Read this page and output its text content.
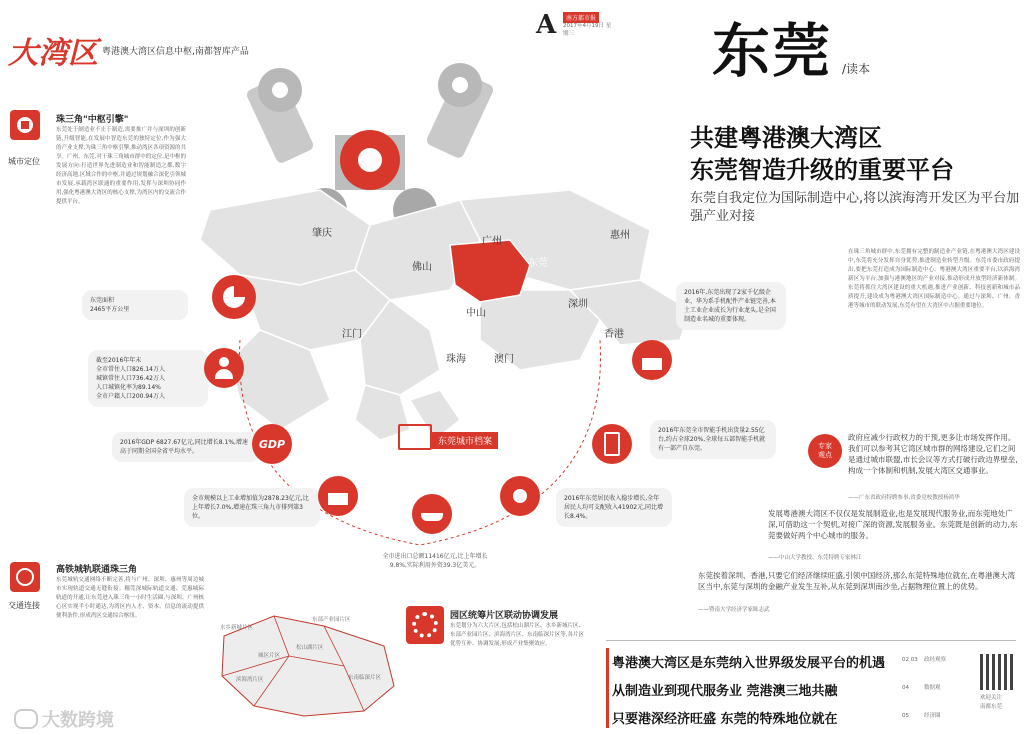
大湾区 粤港澳大湾区信息中枢,南都智库产品
A	南方都市报
2017年4月19日 星期三	东莞 /读本
城市定位
珠三角"中枢引擎"
东莞处于制造业不止于制造,需要推广并与深圳的创新链,升级智能,在发展中智造东莞的独特定位,作为强大的产业支撑,为珠三角中枢引擎,推动湾区各项资源的共享。广州、东莞,对于珠三角城市群中的定位,是中枢的发展方向:打造世界先进制造业和智能制造之都,数字经济高地,区域合作的中枢,并通过规划融合深化引领城市发展,承载湾区联通的重要作用,发挥与深圳协同作用,强化粤港澳大湾区的核心支撑,为湾区内的交流合作提供平台。
肇庆
广州
惠州
佛山	东莞
深圳
江门
中山
香港
珠海	澳门
东莞城市档案
东莞面积
2465平方公里
截至2016年年末
全市常住人口826.14万人
城镇常住人口736.42万人
人口城镇化率为89.14%
全市户籍人口200.94万人
2016年GDP 6827.67亿元,同比增长8.1%,增速高于同期全国全省平均水平。
GDP
全市规模以上工业增加值为2878.23亿元,比上年增长7.0%,增速在珠三角九市排列第3位。
全市进出口总额11416亿元,比上年增长9.8%,实际利用外资39.3亿美元。
2016年东莞居民收入稳步增长,全年居民人均可支配收入41902元,同比增长8.4%。
2016年东莞全市智能手机出货量2.55亿台,约占全球20%,全球每五部智能手机就有一部产自东莞。
2016年,东莞出现了2家千亿级企业、华为系手机配件产业链完善,本土工业企业成长为行业龙头,是全国制造业名城的重要体现。
共建粤港澳大湾区
东莞智造升级的重要平台
东莞自我定位为国际制造中心,将以滨海湾开发区为平台加强产业对接
在珠三角城市群中,东莞拥有完整的制造业产业链,在粤港澳大湾区建设中,东莞将充分发挥自身优势,推进制造业转型升级。东莞市委市政府提出,要把东莞打造成为国际制造中心、粤港澳大湾区重要平台,以滨海湾新区为平台,加强与港澳地区的产业对接,推动形成开放型经济新体制。东莞将抓住大湾区建设的重大机遇,推进产业创新、科技创新和城市品质提升,建设成为粤港澳大湾区国际制造中心。通过与深圳、广州、香港等城市的联动发展,东莞有望在大湾区中占据重要地位。
专家观点
政府应减少行政权力的干预,更多让市场发挥作用。我们可以参考其它湾区城市群的网络建设,它们之间是通过城市联盟,市长会议等方式打破行政边界壁垒,构成一个体制和机制,发展大湾区交通事业。
——广东省政府特聘参事,省委党校教授杨鸿华
发展粤港澳大湾区不仅仅是发展制造业,也是发展现代服务业,而东莞地处广深,可借助这一个契机,对接广深的资源,发展服务业。东莞既是创新的动力,东莞要做好两个中心城市的服务。
——中山大学教授、东莞特聘专家林江
东莞挨着深圳、香港,只要它们经济继续旺盛,引领中国经济,那么东莞特殊地位就在,在粤港澳大湾区当中,东莞与深圳的金融产业发生互补,从东莞到深圳南沙坐,占据物理位置上的优势。
——暨南大学经济学家陈志武
粤港澳大湾区是东莞纳入世界级发展平台的机遇	02 03 政经观察
从制造业到现代服务业 莞港澳三地共融	04	数据观
只要港深经济旺盛 东莞的特殊地位就在	05	经济圈
欢迎关注
南都东莞
交通连接
高铁城轨联通珠三角
东莞城轨交通网络不断完善,将与广州、深圳、惠州等周边城市实现轨道交通无缝衔接。穗莞深城际轨道交通、莞惠城际轨道的开通,让东莞进入珠三角一小时生活圈,与深圳、广州核心区实现半小时通达,为湾区内人才、资本、信息的流动提供便利条件,形成湾区交通综合枢纽。
水乡新城片区
松山湖片区
东南临深片区
东部产业园片区
滨海湾片区
城区片区
园区统筹片区联动协调发展
东莞划分为六大片区,包括松山湖片区、水乡新城片区、东部产业园片区、滨海湾片区、东南临深片区等,各片区优势互补、协调发展,形成产业集聚效应。
大数跨境
